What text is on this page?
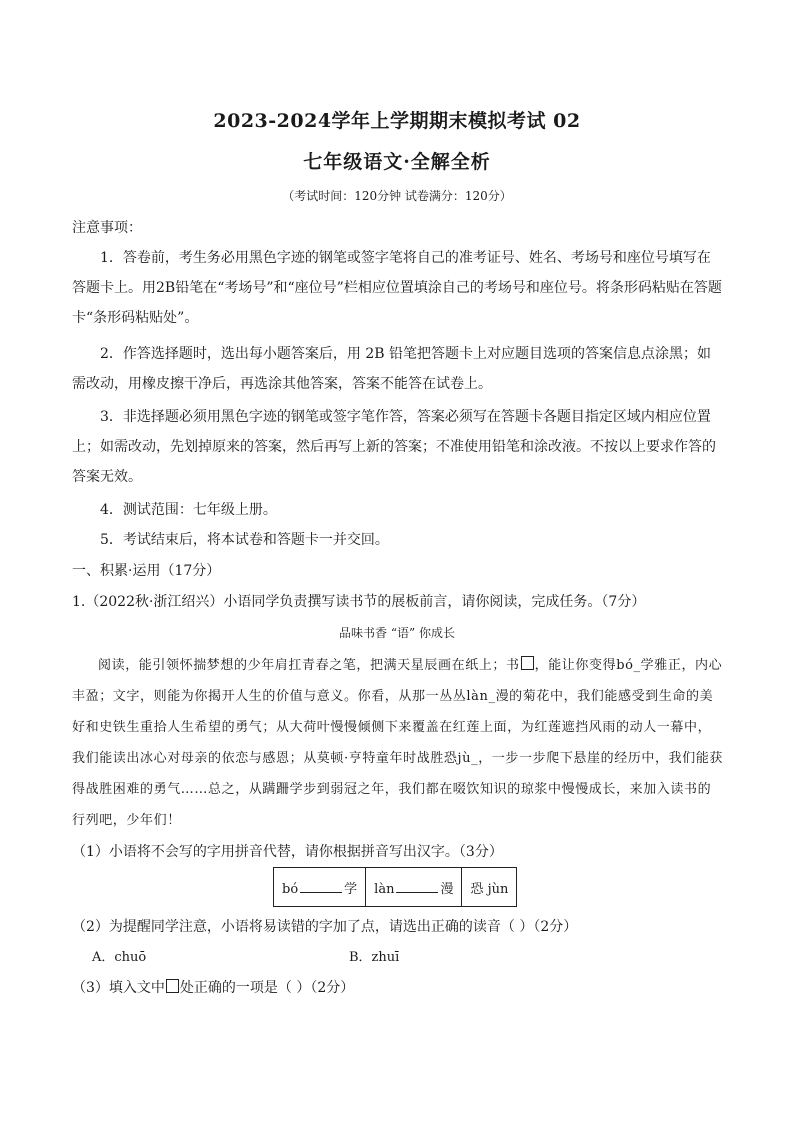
2023-2024学年上学期期末模拟考试 02
七年级语文·全解全析
（考试时间：120分钟 试卷满分：120分）
注意事项：
1．答卷前，考生务必用黑色字迹的钢笔或签字笔将自己的准考证号、姓名、考场号和座位号填写在答题卡上。用2B铅笔在“考场号”和“座位号”栏相应位置填涂自己的考场号和座位号。将条形码粘贴在答题卡“条形码粘贴处”。
2．作答选择题时，选出每小题答案后，用 2B 铅笔把答题卡上对应题目选项的答案信息点涂黑；如需改动，用橡皮擦干净后，再选涂其他答案，答案不能答在试卷上。
3．非选择题必须用黑色字迹的钢笔或签字笔作答，答案必须写在答题卡各题目指定区域内相应位置上；如需改动，先划掉原来的答案，然后再写上新的答案；不准使用铅笔和涂改液。不按以上要求作答的答案无效。
4．测试范围：七年级上册。
5．考试结束后，将本试卷和答题卡一并交回。
一、积累·运用（17分）
1.（2022秋·浙江绍兴）小语同学负责撰写读书节的展板前言，请你阅读，完成任务。（7分）
品味书香 “语” 你成长
阅读，能引领怀揣梦想的少年肩扛青春之笔，把满天星辰画在纸上；书 ，能让你变得bó_学雅正，内心丰盈；文字，则能为你揭开人生的价值与意义。你看，从那一丛丛làn_漫的菊花中，我们能感受到生命的美好和史铁生重拾人生希望的勇气；从大荷叶慢慢倾侧下来覆盖在红莲上面，为红莲遮挡风雨的动人一幕中，我们能读出冰心对母亲的依恋与感恩；从莫顿·亨特童年时战胜恐jù_，一步一步爬下悬崖的经历中，我们能获得战胜困难的勇气……总之，从蹒跚学步到弱冠之年，我们都在啜饮知识的琼浆中慢慢成长，来加入读书的行列吧，少年们！
（1）小语将不会写的字用拼音代替，请你根据拼音写出汉字。（3分）
bó	学	làn	漫	恐 jùn
（2）为提醒同学注意，小语将易读错的字加了点，请选出正确的读音（ ）（2分）
A．chuō	B．zhuī
（3）填入文中 处正确的一项是（ ）（2分）
